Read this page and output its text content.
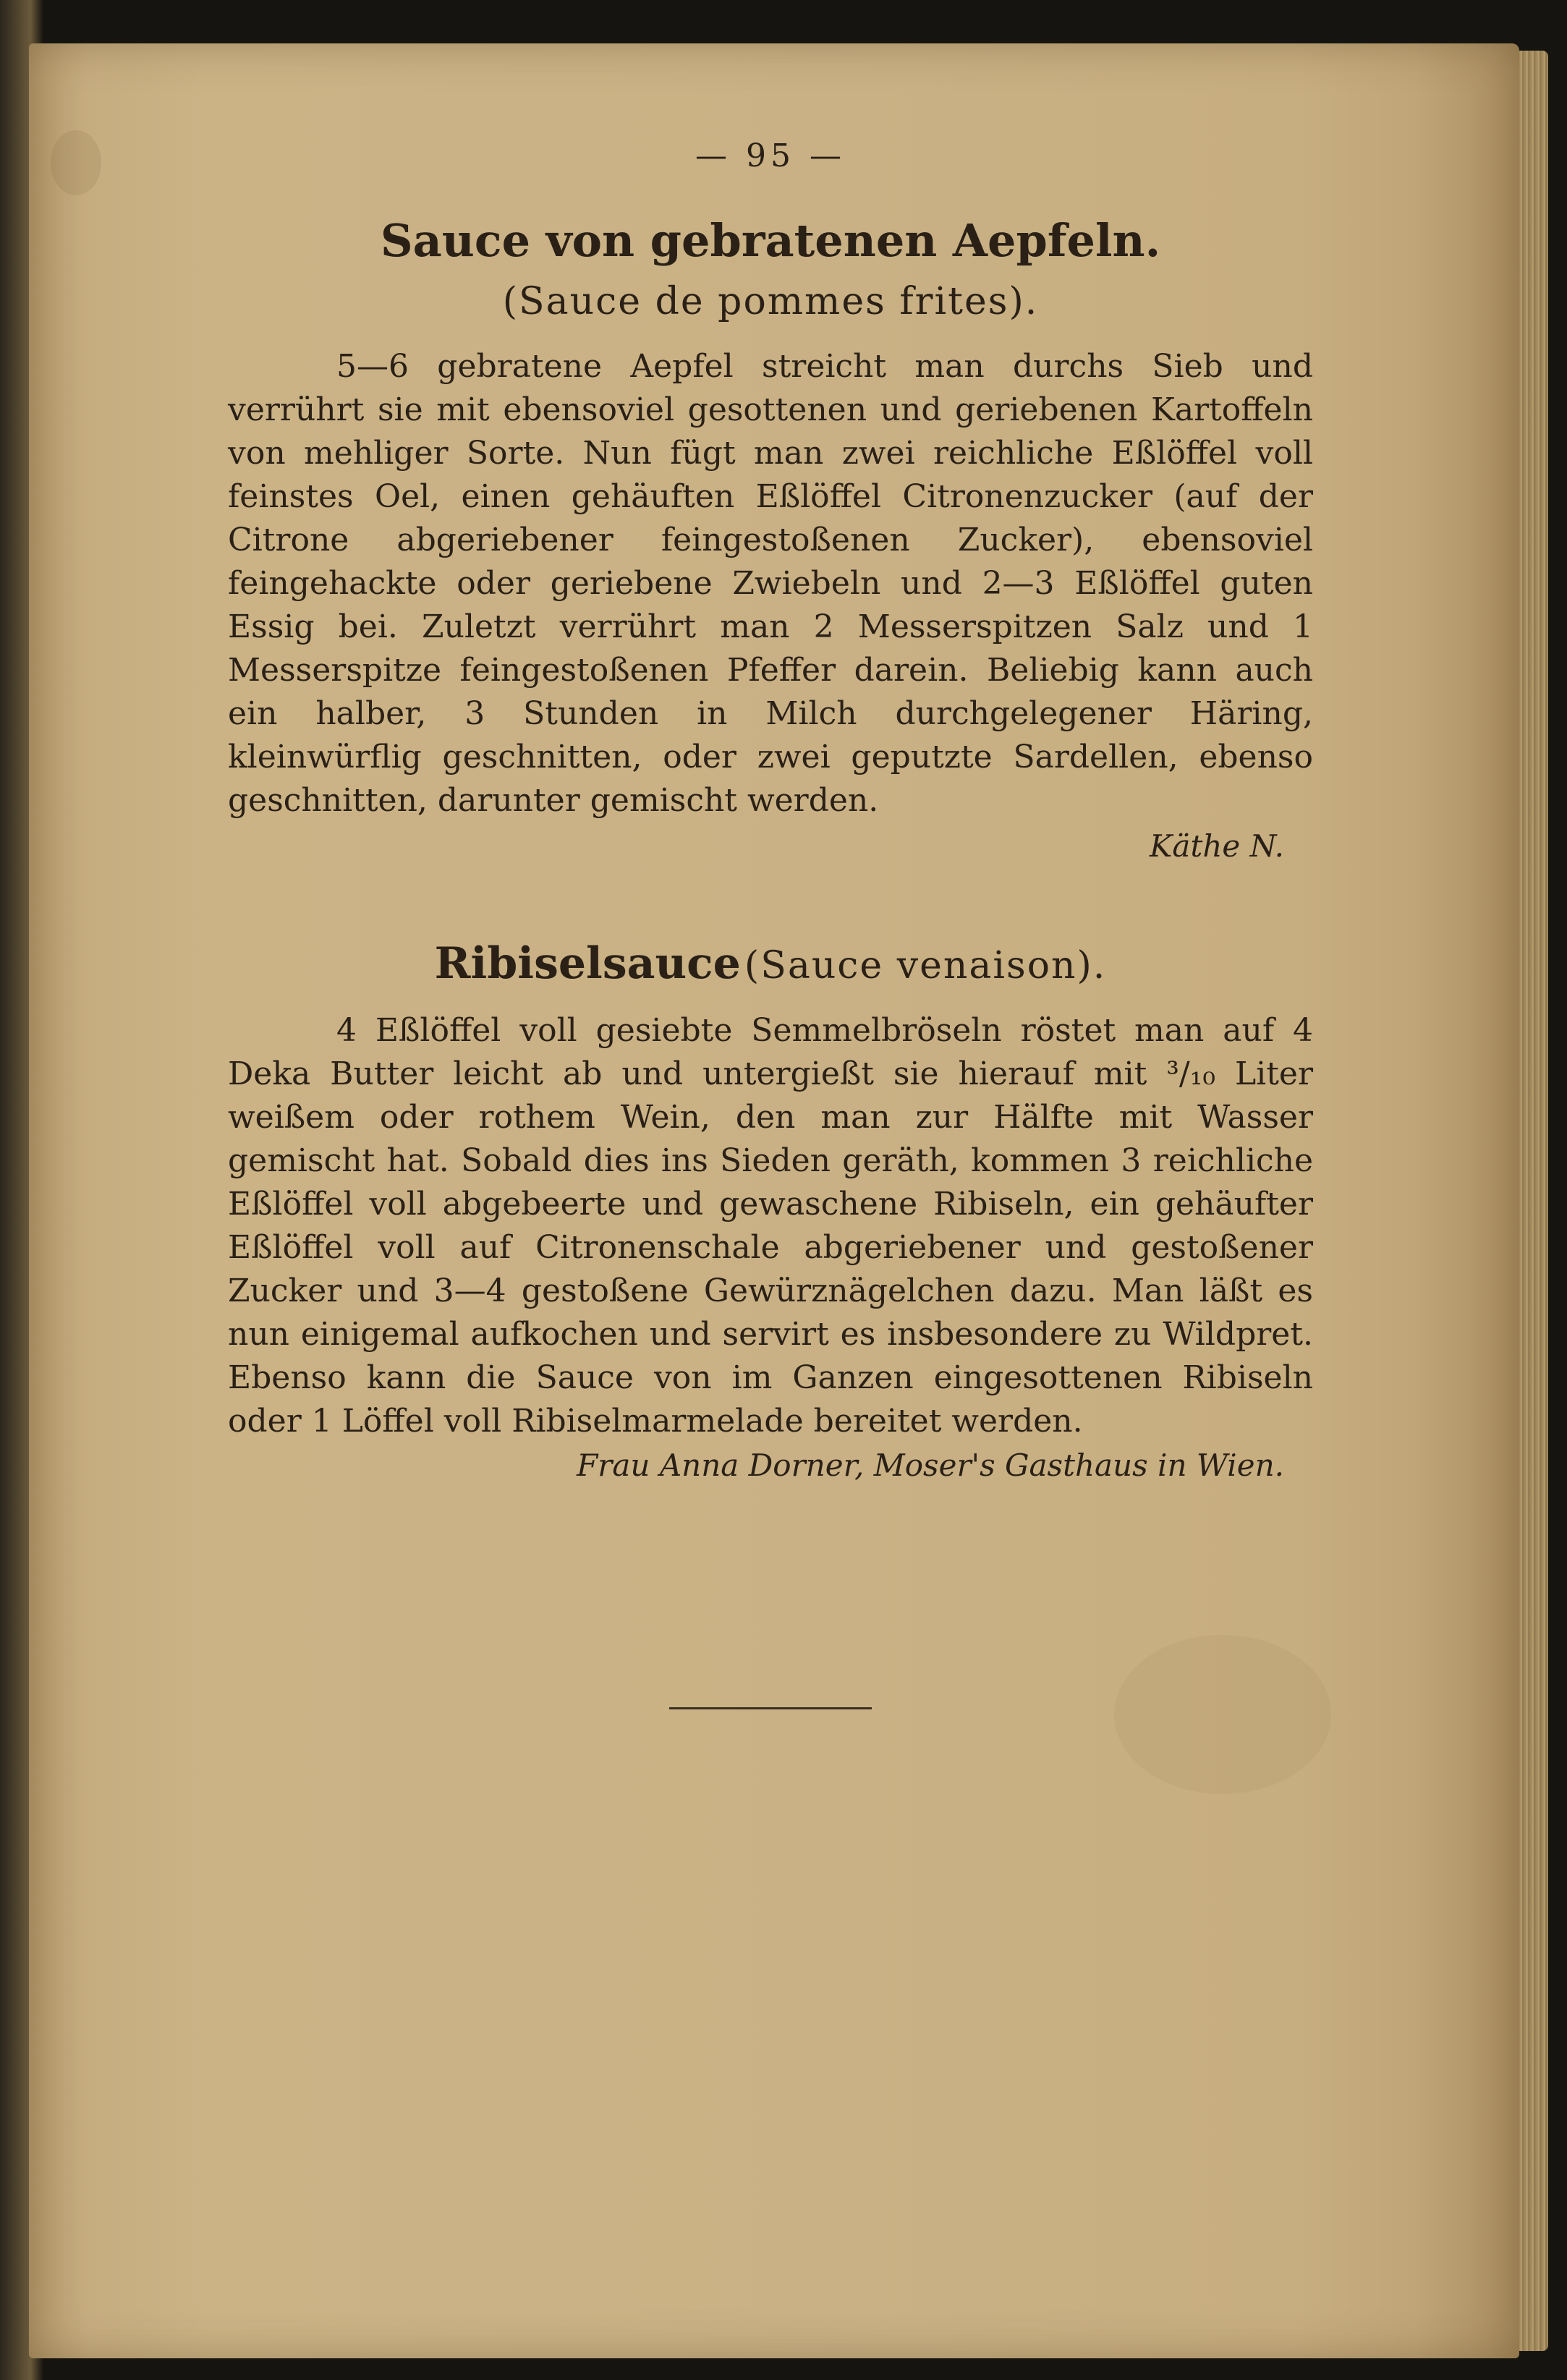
— 95 —
Sauce von gebratenen Aepfeln.
(Sauce de pommes frites).

5—6 gebratene Aepfel streicht man durchs Sieb und verrührt sie mit ebensoviel gesottenen und geriebenen Kartoffeln von mehliger Sorte. Nun fügt man zwei reichliche Eßlöffel voll feinstes Oel, einen gehäuften Eßlöffel Citronenzucker (auf der Citrone abgeriebener feingestoßenen Zucker), ebensoviel feingehackte oder geriebene Zwiebeln und 2—3 Eßlöffel guten Essig bei. Zuletzt verrührt man 2 Messerspitzen Salz und 1 Messerspitze feingestoßenen Pfeffer darein. Beliebig kann auch ein halber, 3 Stunden in Milch durchgelegener Häring, kleinwürflig geschnitten, oder zwei geputzte Sardellen, ebenso geschnitten, darunter gemischt werden.

Käthe N.
Ribiselsauce (Sauce venaison).

4 Eßlöffel voll gesiebte Semmelbröseln röstet man auf 4 Deka Butter leicht ab und untergießt sie hierauf mit ³/₁₀ Liter weißem oder rothem Wein, den man zur Hälfte mit Wasser gemischt hat. Sobald dies ins Sieden geräth, kommen 3 reichliche Eßlöffel voll abgebeerte und gewaschene Ribiseln, ein gehäufter Eßlöffel voll auf Citronenschale abgeriebener und gestoßener Zucker und 3—4 gestoßene Gewürznägelchen dazu. Man läßt es nun einigemal aufkochen und servirt es insbesondere zu Wildpret. Ebenso kann die Sauce von im Ganzen eingesottenen Ribiseln oder 1 Löffel voll Ribiselmarmelade bereitet werden.

Frau Anna Dorner, Moser's Gasthaus in Wien.
